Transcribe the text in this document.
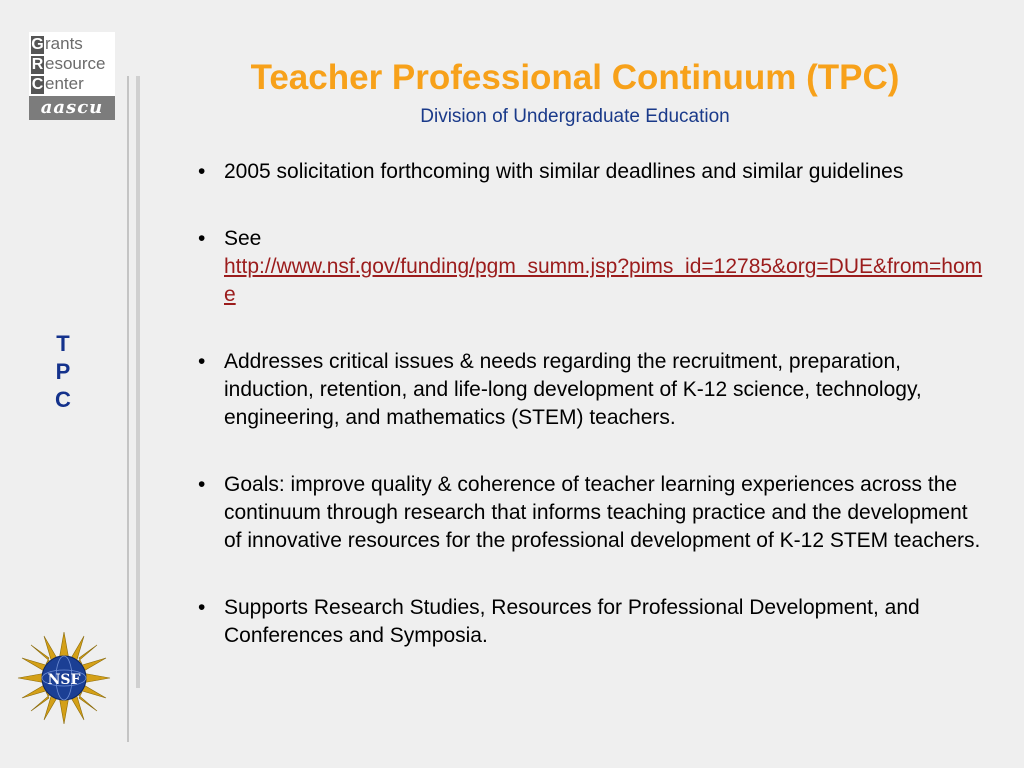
Grants
R esource
C enter
aascu
T
P
C
NSF
Teacher Professional Continuum (TPC)
Division of Undergraduate Education
• 2005 solicitation forthcoming with similar deadlines and similar guidelines
• See
http://www.nsf.gov/funding/pgm_summ.jsp?pims_id=12785&org=DUE&from=home
• Addresses critical issues & needs regarding the recruitment, preparation, induction, retention, and life-long development of K-12 science, technology, engineering, and mathematics (STEM) teachers.
• Goals: improve quality & coherence of teacher learning experiences across the continuum through research that informs teaching practice and the development of innovative resources for the professional development of K-12 STEM teachers.
• Supports Research Studies, Resources for Professional Development, and Conferences and Symposia.
